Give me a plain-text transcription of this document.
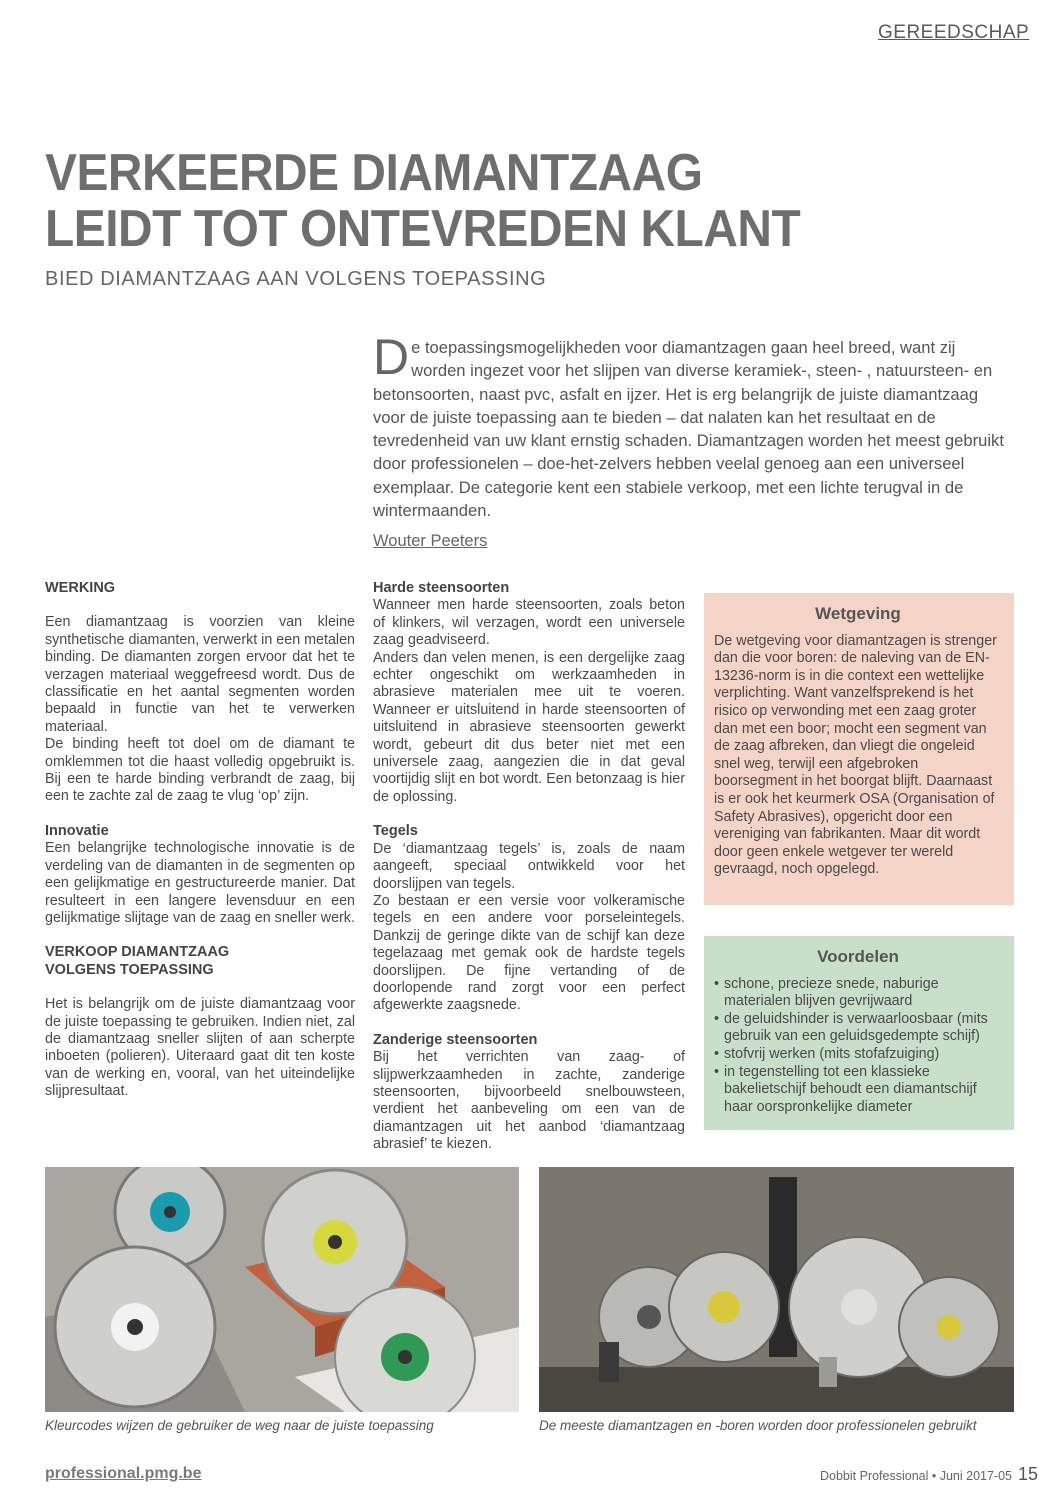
GEREEDSCHAP
VERKEERDE DIAMANTZAAG
LEIDT TOT ONTEVREDEN KLANT
BIED DIAMANTZAAG AAN VOLGENS TOEPASSING
De toepassingsmogelijkheden voor diamantzagen gaan heel breed, want zij worden ingezet voor het slijpen van diverse keramiek-, steen- , natuursteen- en betonsoorten, naast pvc, asfalt en ijzer. Het is erg belangrijk de juiste diamantzaag voor de juiste toepassing aan te bieden – dat nalaten kan het resultaat en de tevredenheid van uw klant ernstig schaden. Diamantzagen worden het meest gebruikt door professionelen – doe-het-zelvers hebben veelal genoeg aan een universeel exemplaar. De categorie kent een stabiele verkoop, met een lichte terugval in de wintermaanden.
Wouter Peeters
WERKING

Een diamantzaag is voorzien van kleine synthetische diamanten, verwerkt in een metalen binding. De diamanten zorgen ervoor dat het te verzagen materiaal weggefreesd wordt. Dus de classificatie en het aantal segmenten worden bepaald in functie van het te verwerken materiaal.

De binding heeft tot doel om de diamant te omklemmen tot die haast volledig opgebruikt is. Bij een te harde binding verbrandt de zaag, bij een te zachte zal de zaag te vlug ‘op’ zijn.

Innovatie

Een belangrijke technologische innovatie is de verdeling van de diamanten in de segmenten op een gelijkmatige en gestructureerde manier. Dat resulteert in een langere levensduur en een gelijkmatige slijtage van de zaag en sneller werk.

VERKOOP DIAMANTZAAG
VOLGENS TOEPASSING

Het is belangrijk om de juiste diamantzaag voor de juiste toepassing te gebruiken. Indien niet, zal de diamantzaag sneller slijten of aan scherpte inboeten (polieren). Uiteraard gaat dit ten koste van de werking en, vooral, van het uiteindelijke slijpresultaat.

Harde steensoorten

Wanneer men harde steensoorten, zoals beton of klinkers, wil verzagen, wordt een universele zaag geadviseerd.

Anders dan velen menen, is een dergelijke zaag echter ongeschikt om werkzaamheden in abrasieve materialen mee uit te voeren. Wanneer er uitsluitend in harde steensoorten of uitsluitend in abrasieve steensoorten gewerkt wordt, gebeurt dit dus beter niet met een universele zaag, aangezien die in dat geval voortijdig slijt en bot wordt. Een betonzaag is hier de oplossing.

Tegels

De ‘diamantzaag tegels’ is, zoals de naam aangeeft, speciaal ontwikkeld voor het doorslijpen van tegels.

Zo bestaan er een versie voor volkeramische tegels en een andere voor porseleintegels. Dankzij de geringe dikte van de schijf kan deze tegelazaag met gemak ook de hardste tegels doorslijpen. De fijne vertanding of de doorlopende rand zorgt voor een perfect afgewerkte zaagsnede.

Zanderige steensoorten

Bij het verrichten van zaag- of slijpwerkzaamheden in zachte, zanderige steensoorten, bijvoorbeeld snelbouwsteen, verdient het aanbeveling om een van de diamantzagen uit het aanbod ‘diamantzaag abrasief’ te kiezen.

Wetgeving
De wetgeving voor diamantzagen is strenger dan die voor boren: de naleving van de EN-13236-norm is in die context een wettelijke verplichting. Want vanzelfsprekend is het risico op verwonding met een zaag groter dan met een boor; mocht een segment van de zaag afbreken, dan vliegt die ongeleid snel weg, terwijl een afgebroken boorsegment in het boorgat blijft. Daarnaast is er ook het keurmerk OSA (Organisation of Safety Abrasives), opgericht door een vereniging van fabrikanten. Maar dit wordt door geen enkele wetgever ter wereld gevraagd, noch opgelegd.
Voordelen
• schone, precieze snede, naburige materialen blijven gevrijwaard
• de geluidshinder is verwaarloosbaar (mits gebruik van een geluidsgedempte schijf)
• stofvrij werken (mits stofafzuiging)
• in tegenstelling tot een klassieke bakelietschijf behoudt een diamantschijf haar oorspronkelijke diameter
Kleurcodes wijzen de gebruiker de weg naar de juiste toepassing	De meeste diamantzagen en -boren worden door professionelen gebruikt
professional.pmg.be	Dobbit Professional • Juni 2017-05 15
